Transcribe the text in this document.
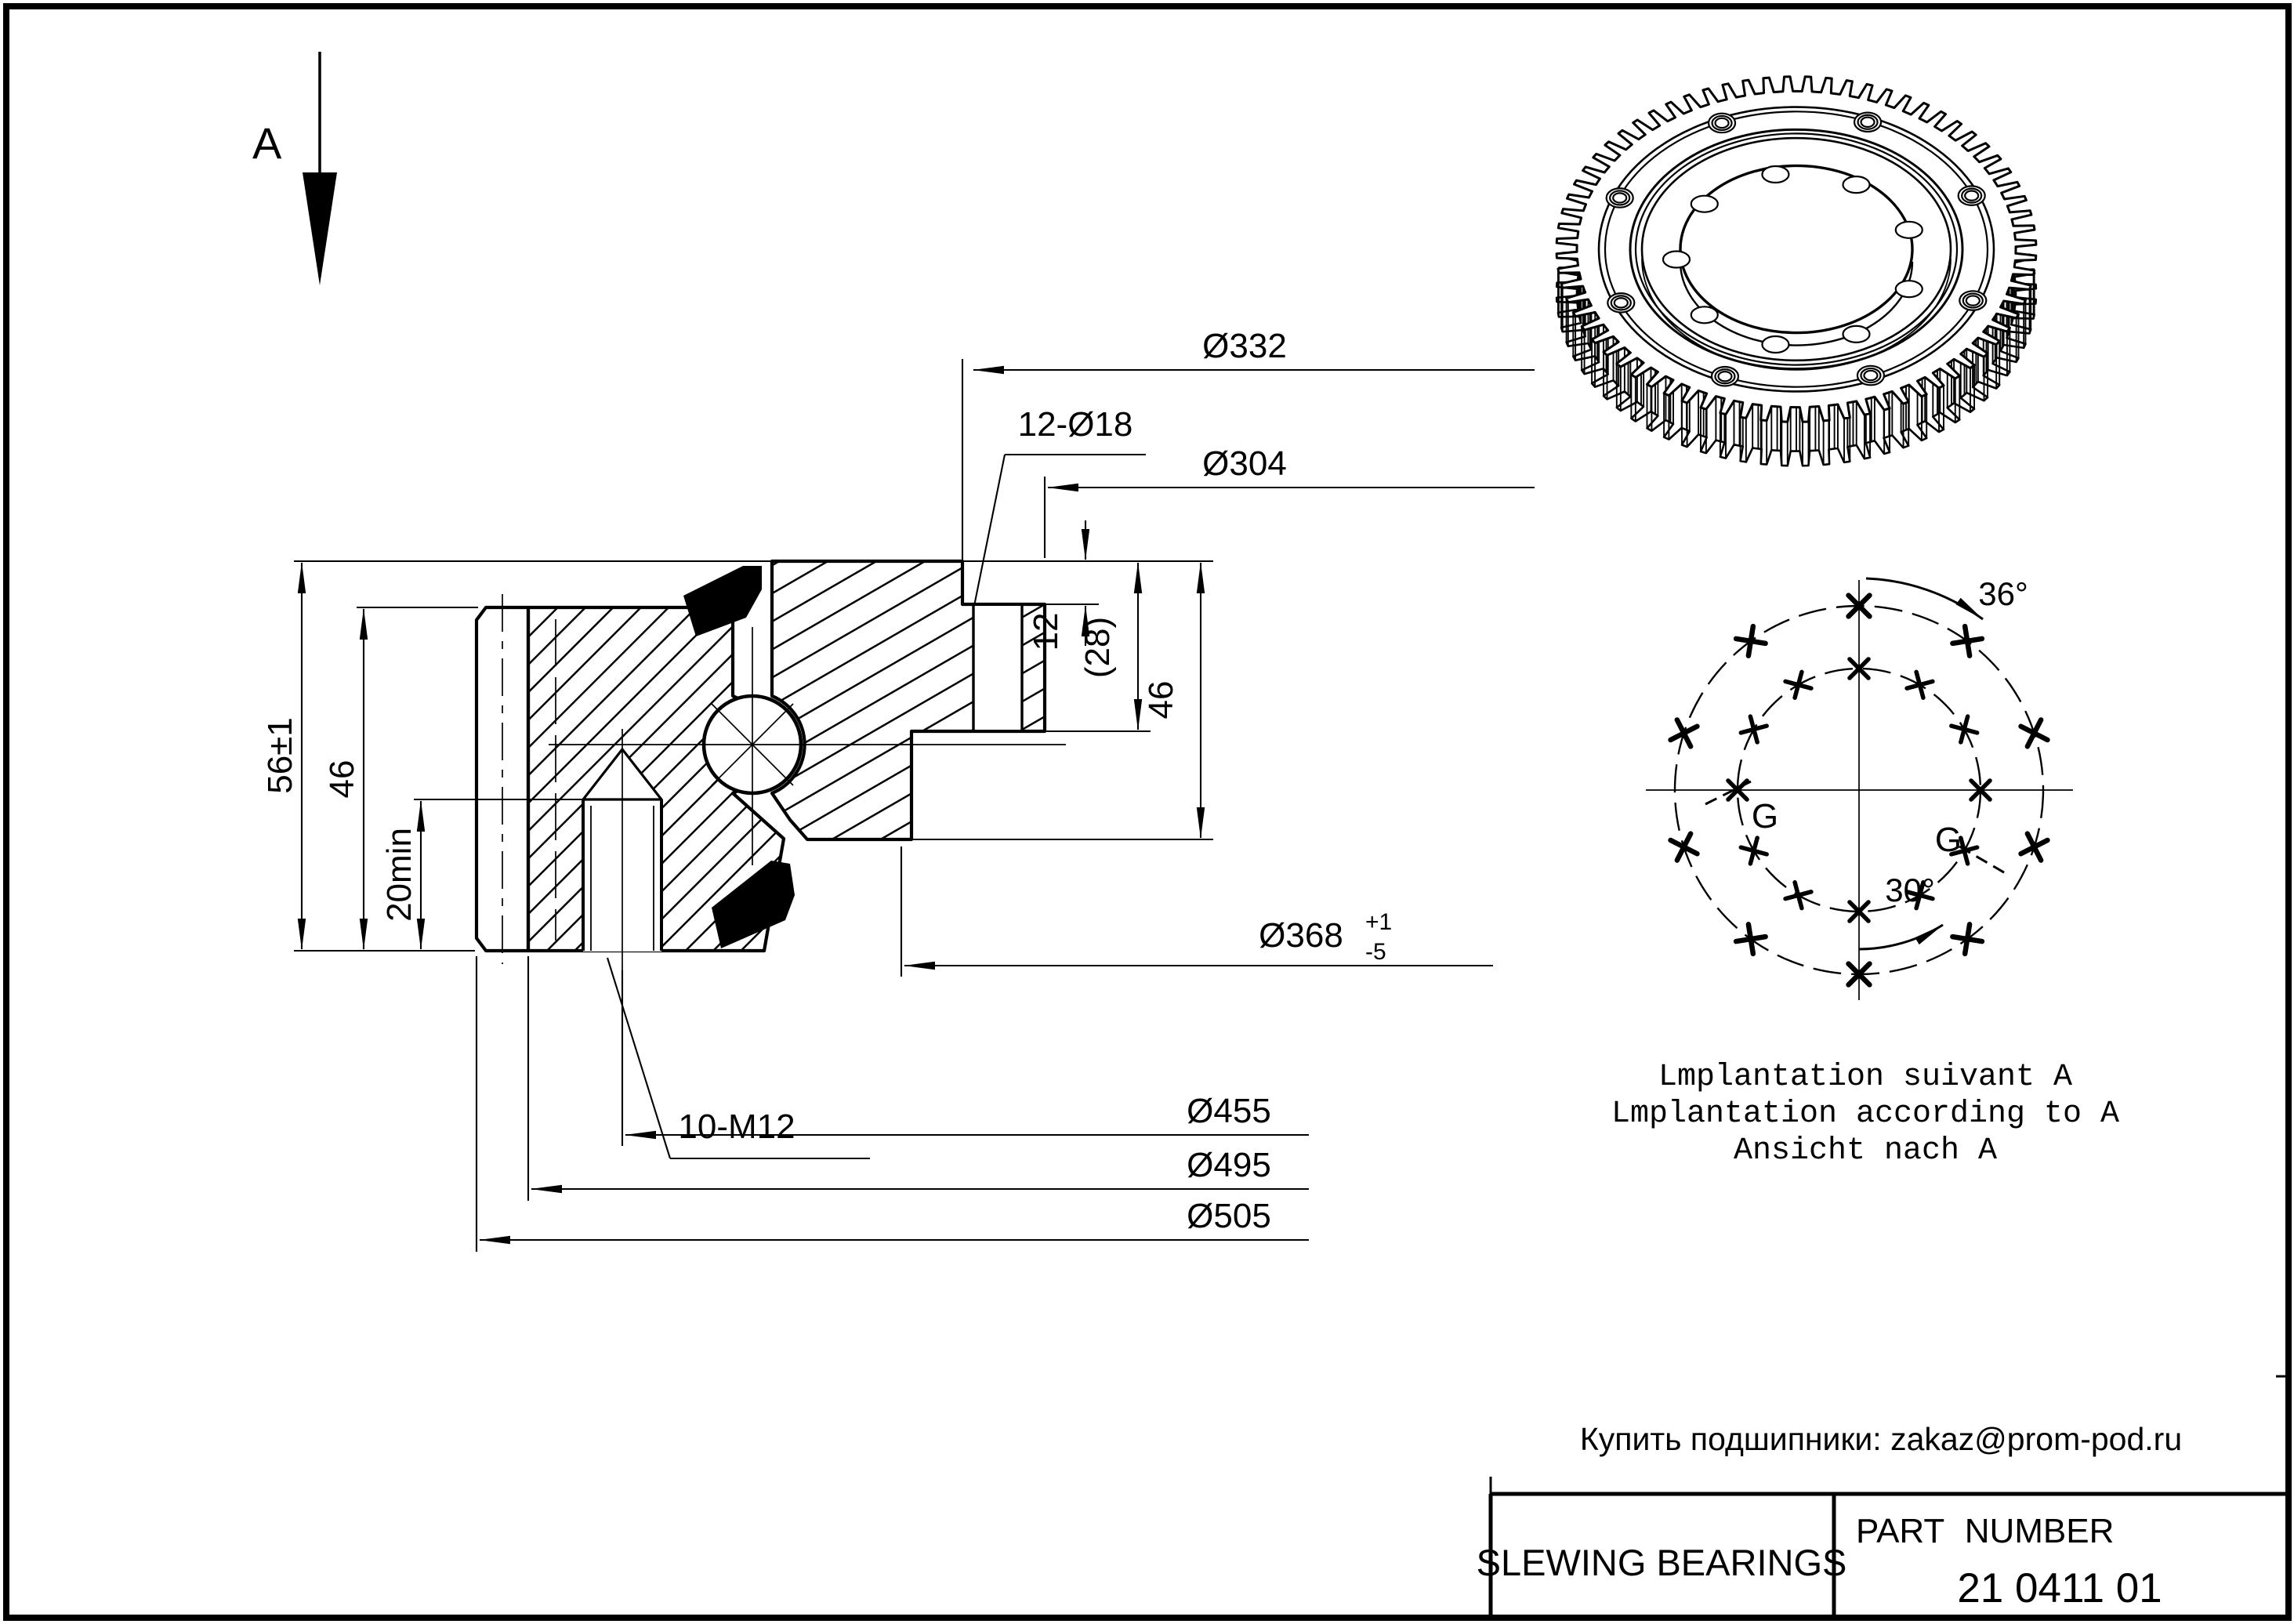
A
56±1 46
20min
12 (28)
46
Ø332
Ø304
12-Ø18
Ø368 +1
-5
10-M12	Ø455
Ø495
Ø505
36°
30°
G
G
Lmplantation suivant A
Lmplantation according to A
Ansicht nach A
Купить подшипники: zakaz@prom-pod.ru
SLEWING BEARINGS
PART NUMBER
21 0411 01
